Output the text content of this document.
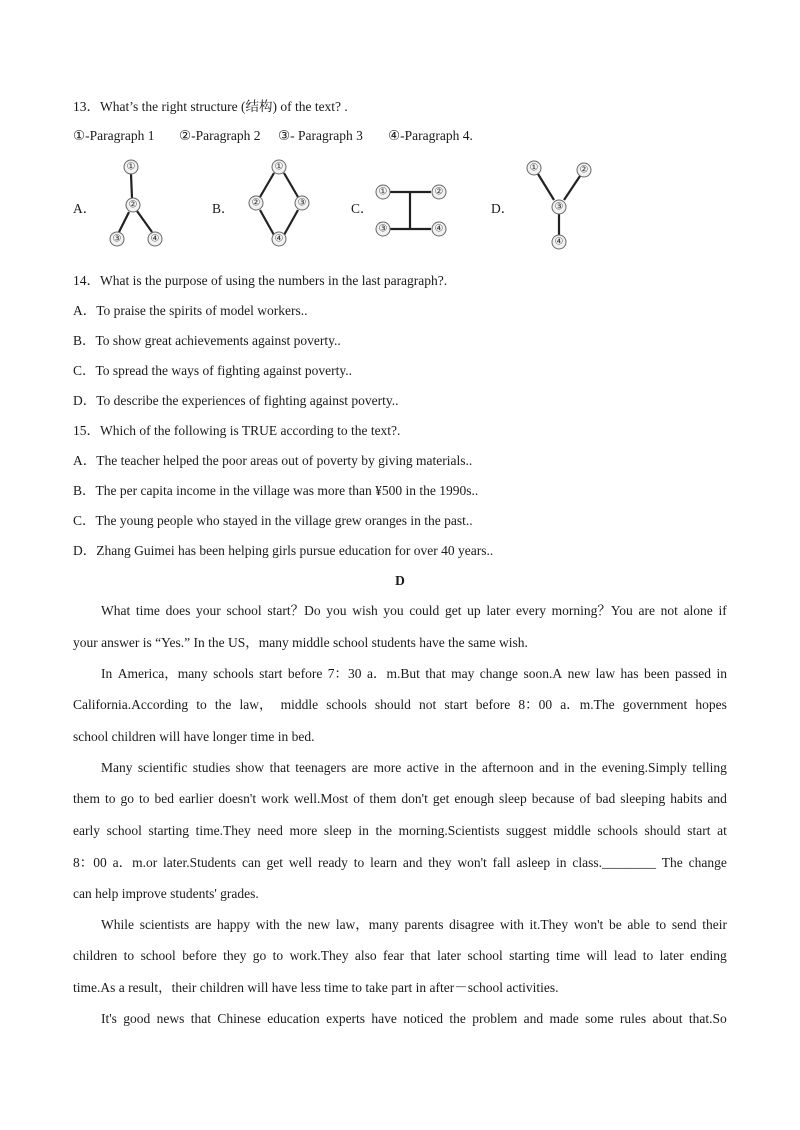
13．What’s the right structure (结构) of the text? .
①-Paragraph 1 ②-Paragraph 2 ③- Paragraph 3 ④-Paragraph 4.
A．	B．	C．	D．
①
②
③	④
①
②	③
④
①	②
③	④
①	②
③
④
14．What is the purpose of using the numbers in the last paragraph?.
A．To praise the spirits of model workers..
B．To show great achievements against poverty..
C．To spread the ways of fighting against poverty..
D．To describe the experiences of fighting against poverty..
15．Which of the following is TRUE according to the text?.
A．The teacher helped the poor areas out of poverty by giving materials..
B．The per capita income in the village was more than ¥500 in the 1990s..
C．The young people who stayed in the village grew oranges in the past..
D．Zhang Guimei has been helping girls pursue education for over 40 years..
D
What time does your school start？Do you wish you could get up later every morning？You are not alone if
your answer is “Yes.” In the US，many middle school students have the same wish.
In America，many schools start before 7：30 a．m.But that may change soon.A new law has been passed in
California.According to the law， middle schools should not start before 8：00 a．m.The government hopes
school children will have longer time in bed.
Many scientific studies show that teenagers are more active in the afternoon and in the evening.Simply telling
them to go to bed earlier doesn't work well.Most of them don't get enough sleep because of bad sleeping habits and
early school starting time.They need more sleep in the morning.Scientists suggest middle schools should start at
8：00 a．m.or later.Students can get well ready to learn and they won't fall asleep in class.________ The change
can help improve students' grades.
While scientists are happy with the new law，many parents disagree with it.They won't be able to send their
children to school before they go to work.They also fear that later school starting time will lead to later ending
time.As a result，their children will have less time to take part in after－school activities.
It's good news that Chinese education experts have noticed the problem and made some rules about that.So
